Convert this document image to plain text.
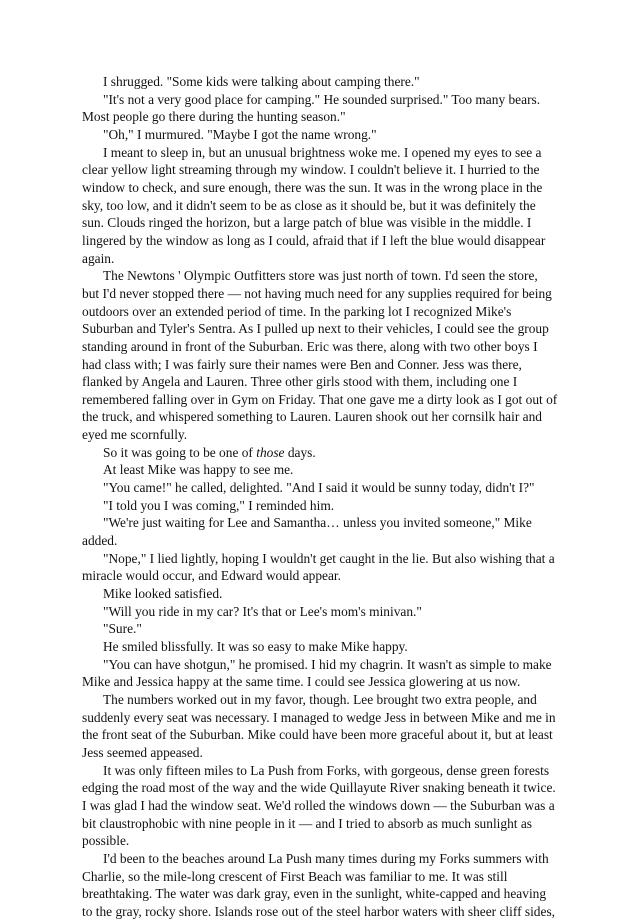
I shrugged. "Some kids were talking about camping there."

"It's not a very good place for camping." He sounded surprised." Too many bears. Most people go there during the hunting season."

"Oh," I murmured. "Maybe I got the name wrong."

I meant to sleep in, but an unusual brightness woke me. I opened my eyes to see a clear yellow light streaming through my window. I couldn't believe it. I hurried to the window to check, and sure enough, there was the sun. It was in the wrong place in the sky, too low, and it didn't seem to be as close as it should be, but it was definitely the sun. Clouds ringed the horizon, but a large patch of blue was visible in the middle. I lingered by the window as long as I could, afraid that if I left the blue would disappear again.

The Newtons ' Olympic Outfitters store was just north of town. I'd seen the store, but I'd never stopped there — not having much need for any supplies required for being outdoors over an extended period of time. In the parking lot I recognized Mike's Suburban and Tyler's Sentra. As I pulled up next to their vehicles, I could see the group standing around in front of the Suburban. Eric was there, along with two other boys I had class with; I was fairly sure their names were Ben and Conner. Jess was there, flanked by Angela and Lauren. Three other girls stood with them, including one I remembered falling over in Gym on Friday. That one gave me a dirty look as I got out of the truck, and whispered something to Lauren. Lauren shook out her cornsilk hair and eyed me scornfully.

So it was going to be one of those days.

At least Mike was happy to see me.

"You came!" he called, delighted. "And I said it would be sunny today, didn't I?"

"I told you I was coming," I reminded him.

"We're just waiting for Lee and Samantha… unless you invited someone," Mike added.

"Nope," I lied lightly, hoping I wouldn't get caught in the lie. But also wishing that a miracle would occur, and Edward would appear.

Mike looked satisfied.

"Will you ride in my car? It's that or Lee's mom's minivan."

"Sure."

He smiled blissfully. It was so easy to make Mike happy.

"You can have shotgun," he promised. I hid my chagrin. It wasn't as simple to make Mike and Jessica happy at the same time. I could see Jessica glowering at us now.

The numbers worked out in my favor, though. Lee brought two extra people, and suddenly every seat was necessary. I managed to wedge Jess in between Mike and me in the front seat of the Suburban. Mike could have been more graceful about it, but at least Jess seemed appeased.

It was only fifteen miles to La Push from Forks, with gorgeous, dense green forests edging the road most of the way and the wide Quillayute River snaking beneath it twice. I was glad I had the window seat. We'd rolled the windows down — the Suburban was a bit claustrophobic with nine people in it — and I tried to absorb as much sunlight as possible.

I'd been to the beaches around La Push many times during my Forks summers with Charlie, so the mile-long crescent of First Beach was familiar to me. It was still breathtaking. The water was dark gray, even in the sunlight, white-capped and heaving to the gray, rocky shore. Islands rose out of the steel harbor waters with sheer cliff sides,
